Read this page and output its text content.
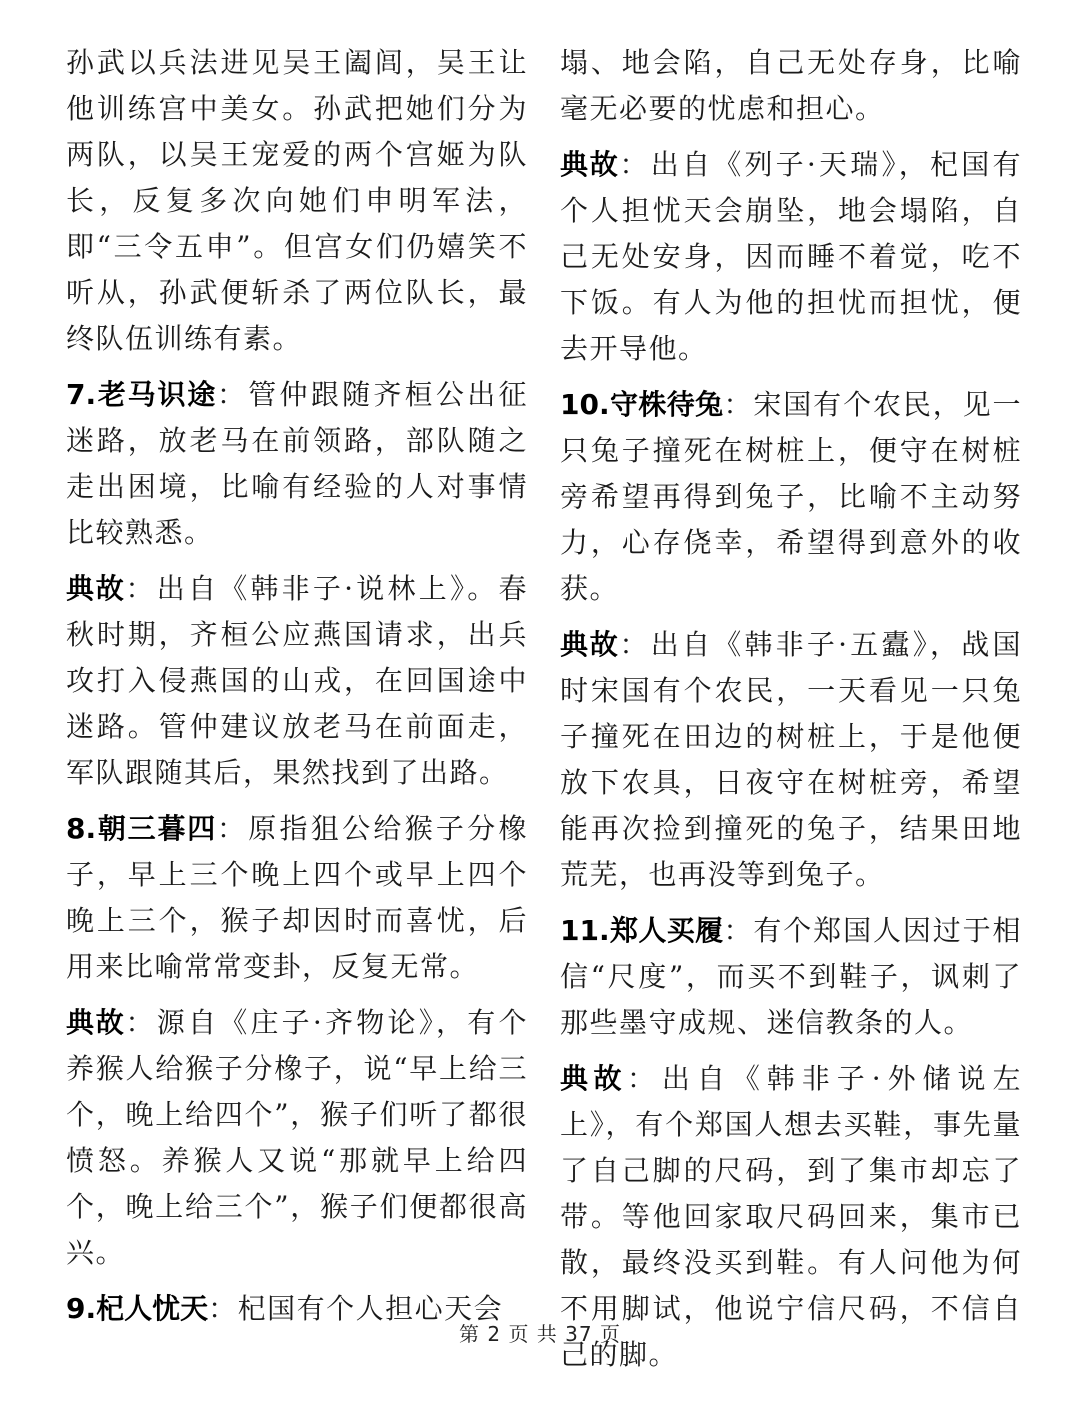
孙武以兵法进见吴王阖闾，吴王让他训练宫中美女。孙武把她们分为两队，以吴王宠爱的两个宫姬为队长，反复多次向她们申明军法，即“三令五申”。但宫女们仍嬉笑不听从，孙武便斩杀了两位队长，最终队伍训练有素。

7.老马识途：管仲跟随齐桓公出征迷路，放老马在前领路，部队随之走出困境，比喻有经验的人对事情比较熟悉。

典故：出自《韩非子·说林上》。春秋时期，齐桓公应燕国请求，出兵攻打入侵燕国的山戎，在回国途中迷路。管仲建议放老马在前面走，军队跟随其后，果然找到了出路。

8.朝三暮四：原指狙公给猴子分橡子，早上三个晚上四个或早上四个晚上三个，猴子却因时而喜忧，后用来比喻常常变卦，反复无常。

典故：源自《庄子·齐物论》，有个养猴人给猴子分橡子，说“早上给三个，晚上给四个”，猴子们听了都很愤怒。养猴人又说“那就早上给四个，晚上给三个”，猴子们便都很高兴。

9.杞人忧天：杞国有个人担心天会

塌、地会陷，自己无处存身，比喻毫无必要的忧虑和担心。

典故：出自《列子·天瑞》，杞国有个人担忧天会崩坠，地会塌陷，自己无处安身，因而睡不着觉，吃不下饭。有人为他的担忧而担忧，便去开导他。

10.守株待兔：宋国有个农民，见一只兔子撞死在树桩上，便守在树桩旁希望再得到兔子，比喻不主动努力，心存侥幸，希望得到意外的收获。

典故：出自《韩非子·五蠹》，战国时宋国有个农民，一天看见一只兔子撞死在田边的树桩上，于是他便放下农具，日夜守在树桩旁，希望能再次捡到撞死的兔子，结果田地荒芜，也再没等到兔子。

11.郑人买履：有个郑国人因过于相信“尺度”，而买不到鞋子，讽刺了那些墨守成规、迷信教条的人。

典故：出自《韩非子·外储说左上》，有个郑国人想去买鞋，事先量了自己脚的尺码，到了集市却忘了带。等他回家取尺码回来，集市已散，最终没买到鞋。有人问他为何不用脚试，他说宁信尺码，不信自己的脚。

第 2 页 共 37 页
